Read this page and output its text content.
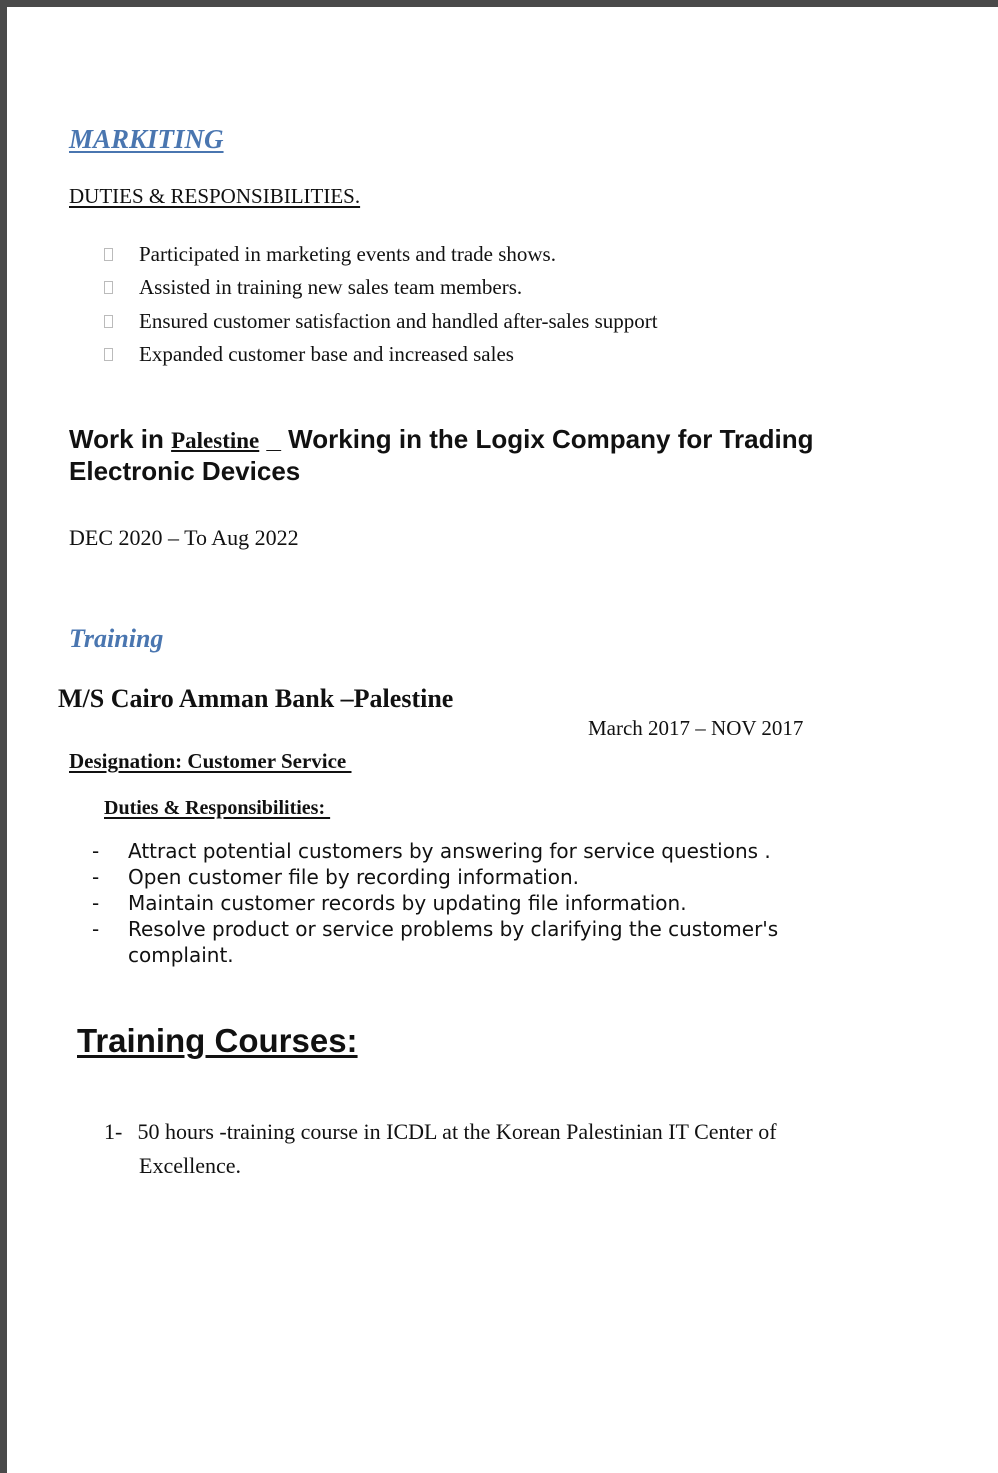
MARKITING
DUTIES & RESPONSIBILITIES.
Participated in marketing events and trade shows.
Assisted in training new sales team members.
Ensured customer satisfaction and handled after-sales support
Expanded customer base and increased sales
Work in Palestine _ Working in the Logix Company for Trading
Electronic Devices
DEC 2020 – To Aug 2022
Training
M/S Cairo Amman Bank –Palestine
March 2017 – NOV 2017
Designation: Customer Service
Duties & Responsibilities:
-	Attract potential customers by answering for service questions .
-	Open customer file by recording information.
-	Maintain customer records by updating file information.
-	Resolve product or service problems by clarifying the customer's complaint.
Training Courses:
1- 50 hours -training course in ICDL at the Korean Palestinian IT Center of
Excellence.
